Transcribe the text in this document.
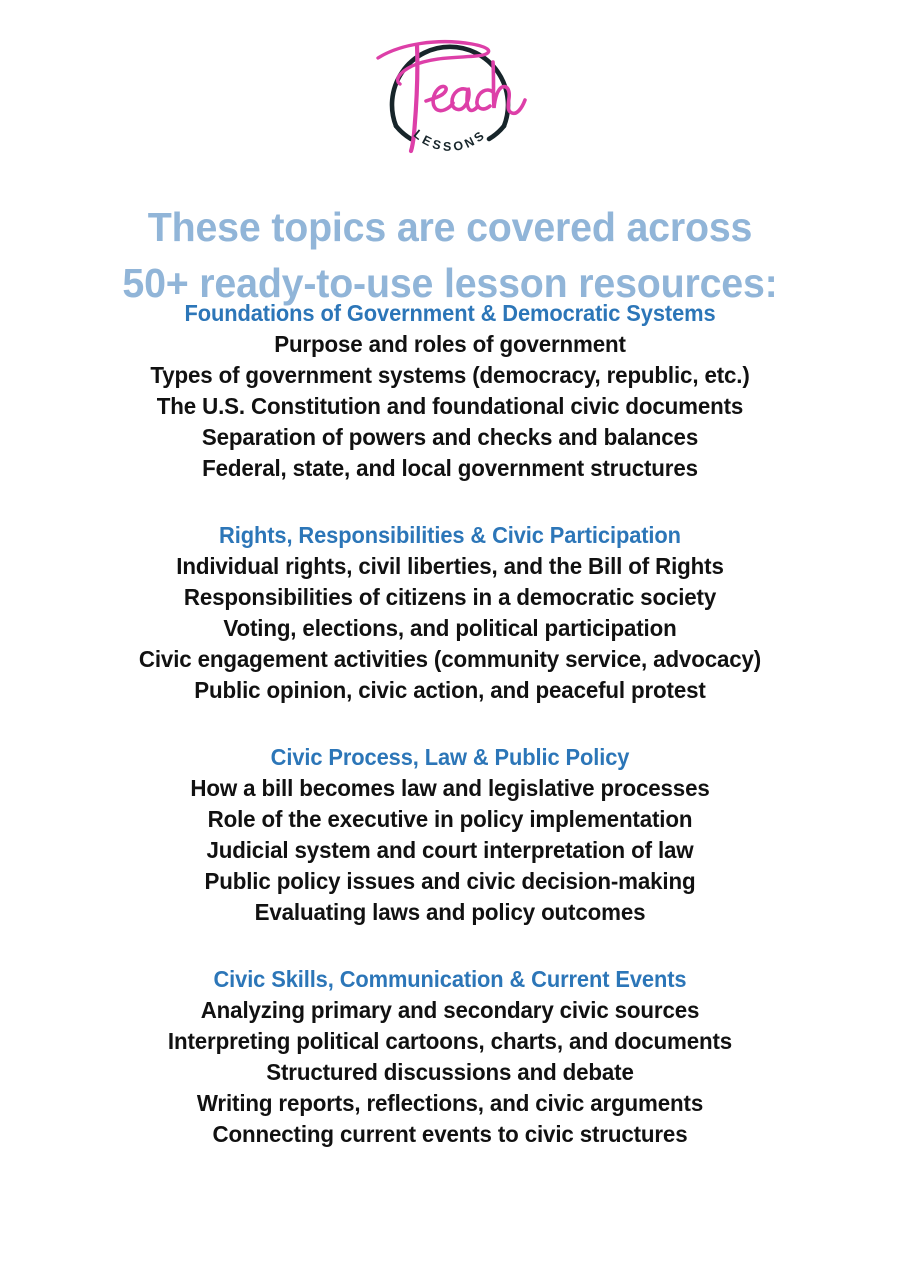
LESSONS
These topics are covered across
50+ ready-to-use lesson resources:
Foundations of Government & Democratic Systems
Purpose and roles of government
Types of government systems (democracy, republic, etc.)
The U.S. Constitution and foundational civic documents
Separation of powers and checks and balances
Federal, state, and local government structures
Rights, Responsibilities & Civic Participation
Individual rights, civil liberties, and the Bill of Rights
Responsibilities of citizens in a democratic society
Voting, elections, and political participation
Civic engagement activities (community service, advocacy)
Public opinion, civic action, and peaceful protest
Civic Process, Law & Public Policy
How a bill becomes law and legislative processes
Role of the executive in policy implementation
Judicial system and court interpretation of law
Public policy issues and civic decision-making
Evaluating laws and policy outcomes
Civic Skills, Communication & Current Events
Analyzing primary and secondary civic sources
Interpreting political cartoons, charts, and documents
Structured discussions and debate
Writing reports, reflections, and civic arguments
Connecting current events to civic structures
